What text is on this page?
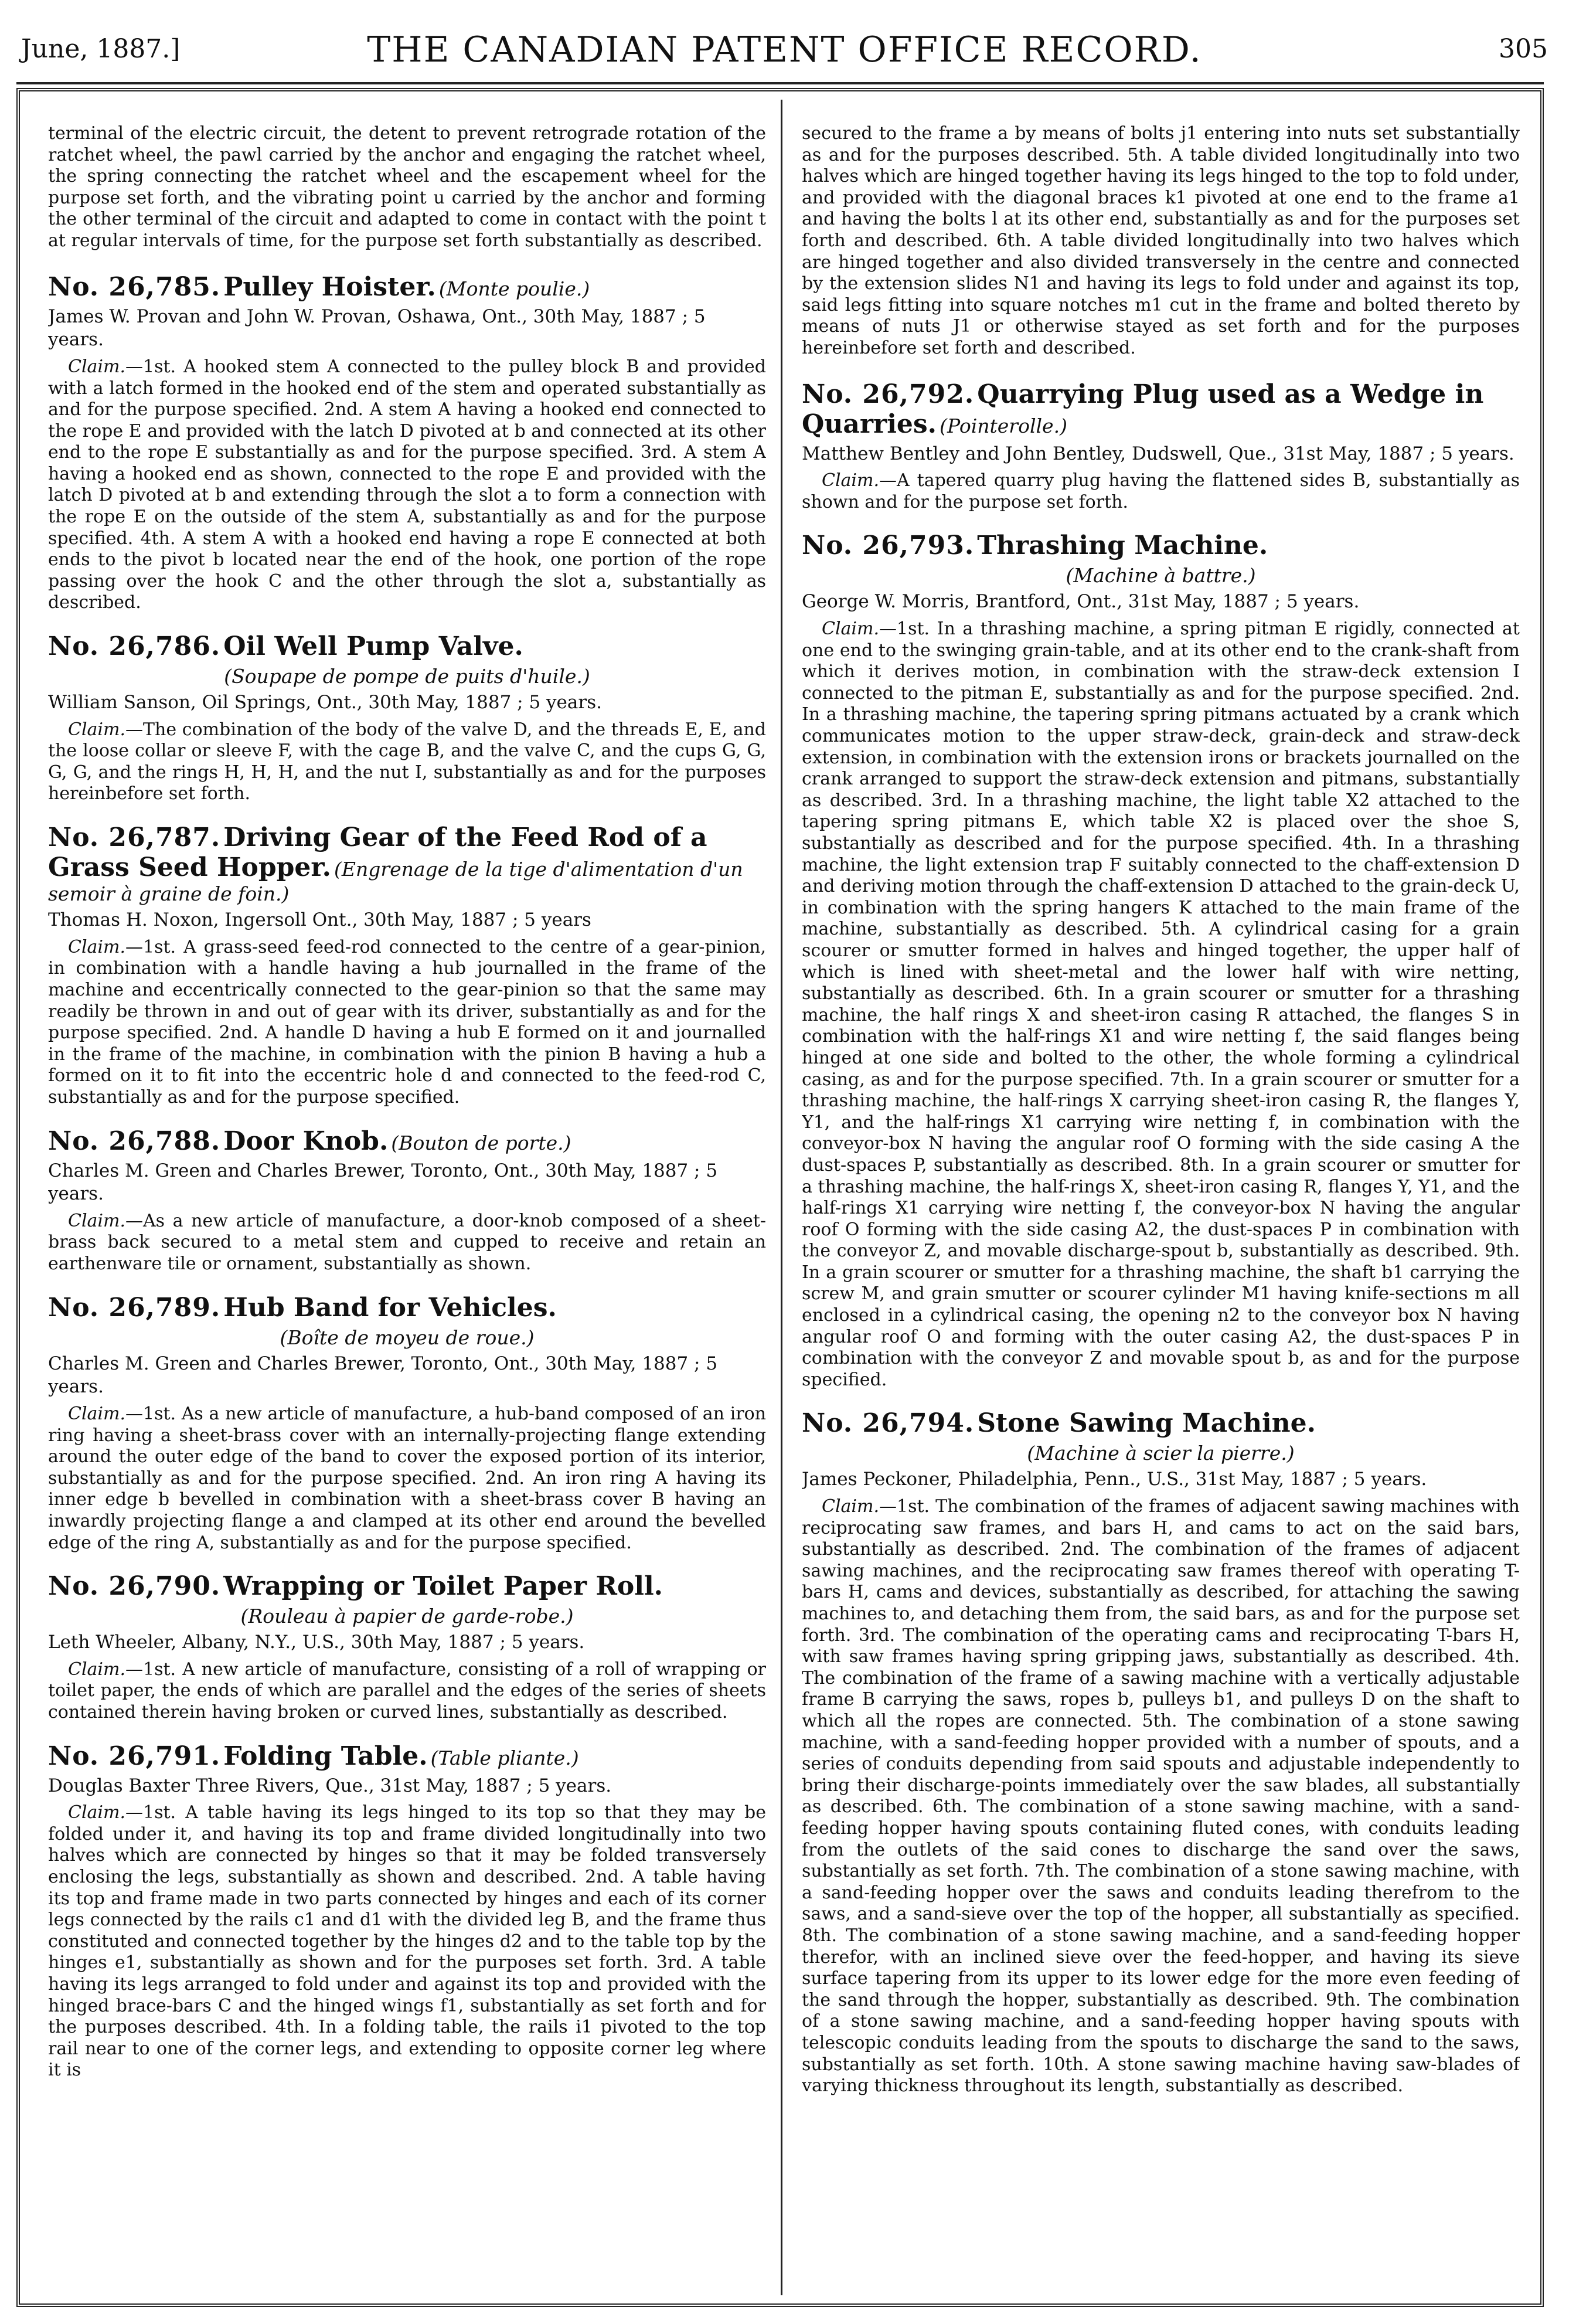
June, 1887.]	THE CANADIAN PATENT OFFICE RECORD.	305

terminal of the electric circuit, the detent to prevent retrograde rotation of the ratchet wheel, the pawl carried by the anchor and engaging the ratchet wheel, the spring connecting the ratchet wheel and the escapement wheel for the purpose set forth, and the vibrating point u carried by the anchor and forming the other terminal of the circuit and adapted to come in contact with the point t at regular intervals of time, for the purpose set forth substantially as described.

No. 26,785. Pulley Hoister. (Monte poulie.)
James W. Provan and John W. Provan, Oshawa, Ont., 30th May, 1887 ; 5 years.

Claim.—1st. A hooked stem A connected to the pulley block B and provided with a latch formed in the hooked end of the stem and operated substantially as and for the purpose specified. 2nd. A stem A having a hooked end connected to the rope E and provided with the latch D pivoted at b and connected at its other end to the rope E substantially as and for the purpose specified. 3rd. A stem A having a hooked end as shown, connected to the rope E and provided with the latch D pivoted at b and extending through the slot a to form a connection with the rope E on the outside of the stem A, substantially as and for the purpose specified. 4th. A stem A with a hooked end having a rope E connected at both ends to the pivot b located near the end of the hook, one portion of the rope passing over the hook C and the other through the slot a, substantially as described.

No. 26,786. Oil Well Pump Valve.
(Soupape de pompe de puits d'huile.)
William Sanson, Oil Springs, Ont., 30th May, 1887 ; 5 years.

Claim.—The combination of the body of the valve D, and the threads E, E, and the loose collar or sleeve F, with the cage B, and the valve C, and the cups G, G, G, G, and the rings H, H, H, and the nut I, substantially as and for the purposes hereinbefore set forth.

No. 26,787. Driving Gear of the Feed Rod of a Grass Seed Hopper. (Engrenage de la tige d'alimentation d'un semoir à graine de foin.)
Thomas H. Noxon, Ingersoll Ont., 30th May, 1887 ; 5 years

Claim.—1st. A grass-seed feed-rod connected to the centre of a gear-pinion, in combination with a handle having a hub journalled in the frame of the machine and eccentrically connected to the gear-pinion so that the same may readily be thrown in and out of gear with its driver, substantially as and for the purpose specified. 2nd. A handle D having a hub E formed on it and journalled in the frame of the machine, in combination with the pinion B having a hub a formed on it to fit into the eccentric hole d and connected to the feed-rod C, substantially as and for the purpose specified.

No. 26,788. Door Knob. (Bouton de porte.)
Charles M. Green and Charles Brewer, Toronto, Ont., 30th May, 1887 ; 5 years.

Claim.—As a new article of manufacture, a door-knob composed of a sheet-brass back secured to a metal stem and cupped to receive and retain an earthenware tile or ornament, substantially as shown.

No. 26,789. Hub Band for Vehicles.
(Boîte de moyeu de roue.)
Charles M. Green and Charles Brewer, Toronto, Ont., 30th May, 1887 ; 5 years.

Claim.—1st. As a new article of manufacture, a hub-band composed of an iron ring having a sheet-brass cover with an internally-projecting flange extending around the outer edge of the band to cover the exposed portion of its interior, substantially as and for the purpose specified. 2nd. An iron ring A having its inner edge b bevelled in combination with a sheet-brass cover B having an inwardly projecting flange a and clamped at its other end around the bevelled edge of the ring A, substantially as and for the purpose specified.

No. 26,790. Wrapping or Toilet Paper Roll.
(Rouleau à papier de garde-robe.)
Leth Wheeler, Albany, N.Y., U.S., 30th May, 1887 ; 5 years.

Claim.—1st. A new article of manufacture, consisting of a roll of wrapping or toilet paper, the ends of which are parallel and the edges of the series of sheets contained therein having broken or curved lines, substantially as described.

No. 26,791. Folding Table. (Table pliante.)
Douglas Baxter Three Rivers, Que., 31st May, 1887 ; 5 years.

Claim.—1st. A table having its legs hinged to its top so that they may be folded under it, and having its top and frame divided longitudinally into two halves which are connected by hinges so that it may be folded transversely enclosing the legs, substantially as shown and described. 2nd. A table having its top and frame made in two parts connected by hinges and each of its corner legs connected by the rails c1 and d1 with the divided leg B, and the frame thus constituted and connected together by the hinges d2 and to the table top by the hinges e1, substantially as shown and for the purposes set forth. 3rd. A table having its legs arranged to fold under and against its top and provided with the hinged brace-bars C and the hinged wings f1, substantially as set forth and for the purposes described. 4th. In a folding table, the rails i1 pivoted to the top rail near to one of the corner legs, and extending to opposite corner leg where it is

secured to the frame a by means of bolts j1 entering into nuts set substantially as and for the purposes described. 5th. A table divided longitudinally into two halves which are hinged together having its legs hinged to the top to fold under, and provided with the diagonal braces k1 pivoted at one end to the frame a1 and having the bolts l at its other end, substantially as and for the purposes set forth and described. 6th. A table divided longitudinally into two halves which are hinged together and also divided transversely in the centre and connected by the extension slides N1 and having its legs to fold under and against its top, said legs fitting into square notches m1 cut in the frame and bolted thereto by means of nuts J1 or otherwise stayed as set forth and for the purposes hereinbefore set forth and described.

No. 26,792. Quarrying Plug used as a Wedge in Quarries. (Pointerolle.)
Matthew Bentley and John Bentley, Dudswell, Que., 31st May, 1887 ; 5 years.

Claim.—A tapered quarry plug having the flattened sides B, substantially as shown and for the purpose set forth.

No. 26,793. Thrashing Machine.
(Machine à battre.)
George W. Morris, Brantford, Ont., 31st May, 1887 ; 5 years.

Claim.—1st. In a thrashing machine, a spring pitman E rigidly, connected at one end to the swinging grain-table, and at its other end to the crank-shaft from which it derives motion, in combination with the straw-deck extension I connected to the pitman E, substantially as and for the purpose specified. 2nd. In a thrashing machine, the tapering spring pitmans actuated by a crank which communicates motion to the upper straw-deck, grain-deck and straw-deck extension, in combination with the extension irons or brackets journalled on the crank arranged to support the straw-deck extension and pitmans, substantially as described. 3rd. In a thrashing machine, the light table X2 attached to the tapering spring pitmans E, which table X2 is placed over the shoe S, substantially as described and for the purpose specified. 4th. In a thrashing machine, the light extension trap F suitably connected to the chaff-extension D and deriving motion through the chaff-extension D attached to the grain-deck U, in combination with the spring hangers K attached to the main frame of the machine, substantially as described. 5th. A cylindrical casing for a grain scourer or smutter formed in halves and hinged together, the upper half of which is lined with sheet-metal and the lower half with wire netting, substantially as described. 6th. In a grain scourer or smutter for a thrashing machine, the half rings X and sheet-iron casing R attached, the flanges S in combination with the half-rings X1 and wire netting f, the said flanges being hinged at one side and bolted to the other, the whole forming a cylindrical casing, as and for the purpose specified. 7th. In a grain scourer or smutter for a thrashing machine, the half-rings X carrying sheet-iron casing R, the flanges Y, Y1, and the half-rings X1 carrying wire netting f, in combination with the conveyor-box N having the angular roof O forming with the side casing A the dust-spaces P, substantially as described. 8th. In a grain scourer or smutter for a thrashing machine, the half-rings X, sheet-iron casing R, flanges Y, Y1, and the half-rings X1 carrying wire netting f, the conveyor-box N having the angular roof O forming with the side casing A2, the dust-spaces P in combination with the conveyor Z, and movable discharge-spout b, substantially as described. 9th. In a grain scourer or smutter for a thrashing machine, the shaft b1 carrying the screw M, and grain smutter or scourer cylinder M1 having knife-sections m all enclosed in a cylindrical casing, the opening n2 to the conveyor box N having angular roof O and forming with the outer casing A2, the dust-spaces P in combination with the conveyor Z and movable spout b, as and for the purpose specified.

No. 26,794. Stone Sawing Machine.
(Machine à scier la pierre.)
James Peckoner, Philadelphia, Penn., U.S., 31st May, 1887 ; 5 years.

Claim.—1st. The combination of the frames of adjacent sawing machines with reciprocating saw frames, and bars H, and cams to act on the said bars, substantially as described. 2nd. The combination of the frames of adjacent sawing machines, and the reciprocating saw frames thereof with operating T-bars H, cams and devices, substantially as described, for attaching the sawing machines to, and detaching them from, the said bars, as and for the purpose set forth. 3rd. The combination of the operating cams and reciprocating T-bars H, with saw frames having spring gripping jaws, substantially as described. 4th. The combination of the frame of a sawing machine with a vertically adjustable frame B carrying the saws, ropes b, pulleys b1, and pulleys D on the shaft to which all the ropes are connected. 5th. The combination of a stone sawing machine, with a sand-feeding hopper provided with a number of spouts, and a series of conduits depending from said spouts and adjustable independently to bring their discharge-points immediately over the saw blades, all substantially as described. 6th. The combination of a stone sawing machine, with a sand-feeding hopper having spouts containing fluted cones, with conduits leading from the outlets of the said cones to discharge the sand over the saws, substantially as set forth. 7th. The combination of a stone sawing machine, with a sand-feeding hopper over the saws and conduits leading therefrom to the saws, and a sand-sieve over the top of the hopper, all substantially as specified. 8th. The combination of a stone sawing machine, and a sand-feeding hopper therefor, with an inclined sieve over the feed-hopper, and having its sieve surface tapering from its upper to its lower edge for the more even feeding of the sand through the hopper, substantially as described. 9th. The combination of a stone sawing machine, and a sand-feeding hopper having spouts with telescopic conduits leading from the spouts to discharge the sand to the saws, substantially as set forth. 10th. A stone sawing machine having saw-blades of varying thickness throughout its length, substantially as described.
